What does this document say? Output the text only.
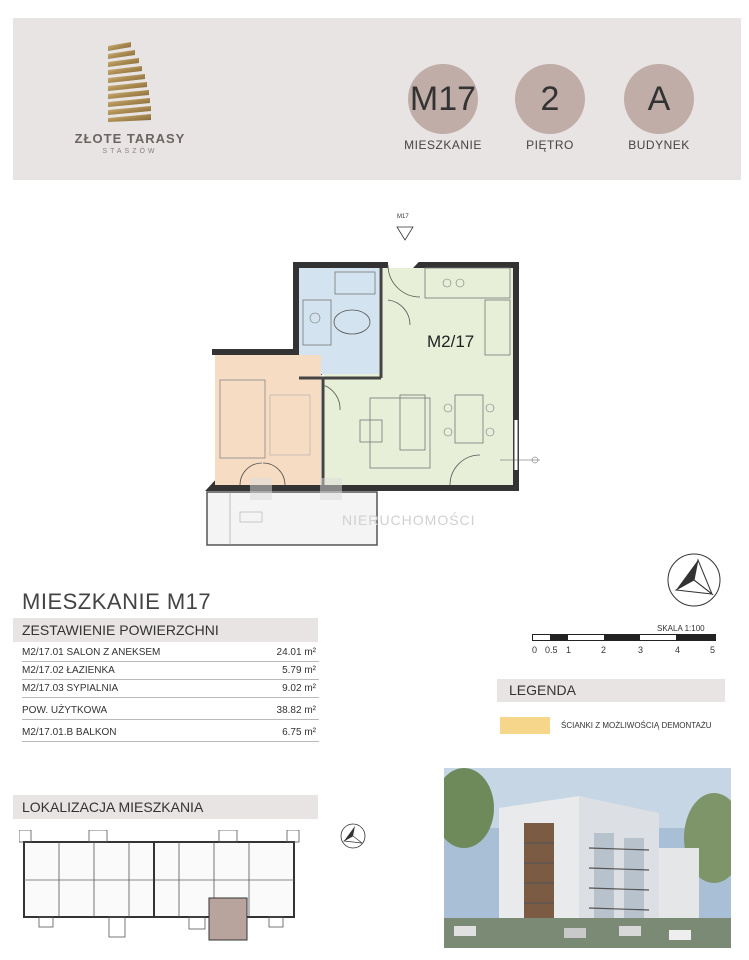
ZŁOTE TARASY
STASZÓW
M17
MIESZKANIE
2
PIĘTRO
A
BUDYNEK
M17
M2/17
NIERUCHOMOŚCI
MIESZKANIE M17
ZESTAWIENIE POWIERZCHNI
M2/17.01 SALON Z ANEKSEM	24.01 m²
M2/17.02 ŁAZIENKA	5.79 m²
M2/17.03 SYPIALNIA	9.02 m²
POW. UŻYTKOWA	38.82 m²
M2/17.01.B BALKON	6.75 m²
SKALA 1:100
0 0.5 1	2	3	4	5
LEGENDA
ŚCIANKI Z MOŻLIWOŚCIĄ DEMONTAŻU
LOKALIZACJA MIESZKANIA
